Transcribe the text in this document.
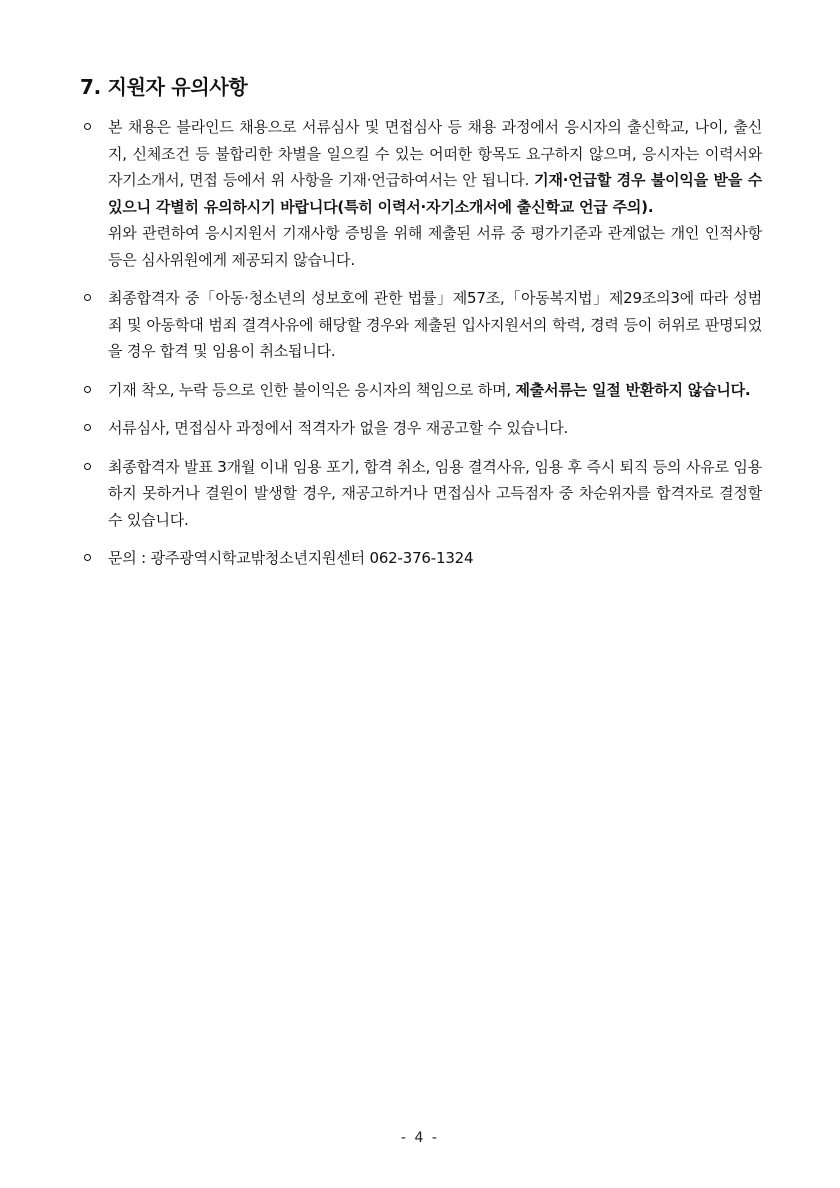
7. 지원자 유의사항
본 채용은 블라인드 채용으로 서류심사 및 면접심사 등 채용 과정에서 응시자의 출신학교, 나이, 출신지, 신체조건 등 불합리한 차별을 일으킬 수 있는 어떠한 항목도 요구하지 않으며, 응시자는 이력서와 자기소개서, 면접 등에서 위 사항을 기재·언급하여서는 안 됩니다. 기재·언급할 경우 불이익을 받을 수 있으니 각별히 유의하시기 바랍니다(특히 이력서·자기소개서에 출신학교 언급 주의).
위와 관련하여 응시지원서 기재사항 증빙을 위해 제출된 서류 중 평가기준과 관계없는 개인 인적사항 등은 심사위원에게 제공되지 않습니다.
최종합격자 중「아동·청소년의 성보호에 관한 법률」제57조,「아동복지법」제29조의3에 따라 성범죄 및 아동학대 범죄 결격사유에 해당할 경우와 제출된 입사지원서의 학력, 경력 등이 허위로 판명되었을 경우 합격 및 임용이 취소됩니다.
기재 착오, 누락 등으로 인한 불이익은 응시자의 책임으로 하며, 제출서류는 일절 반환하지 않습니다.
서류심사, 면접심사 과정에서 적격자가 없을 경우 재공고할 수 있습니다.
최종합격자 발표 3개월 이내 임용 포기, 합격 취소, 임용 결격사유, 임용 후 즉시 퇴직 등의 사유로 임용하지 못하거나 결원이 발생할 경우, 재공고하거나 면접심사 고득점자 중 차순위자를 합격자로 결정할 수 있습니다.
문의 : 광주광역시학교밖청소년지원센터 062-376-1324
- 4 -
